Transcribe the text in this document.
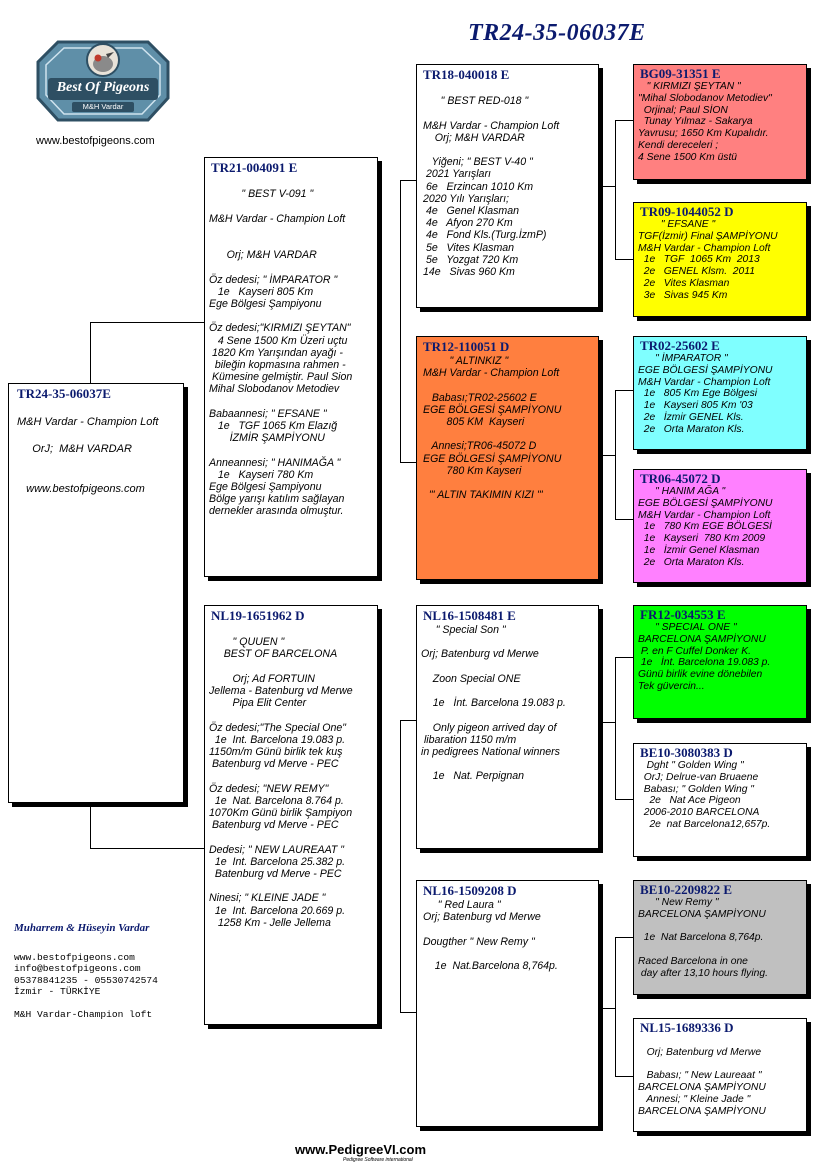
TR24-35-06037E
Best Of Pigeons
M&H Vardar
www.bestofpigeons.com
TR24-35-06037E

M&H Vardar - Champion Loft

OrJ;  M&H VARDAR

www.bestofpigeons.com
TR21-004091 E

" BEST V-091 "

M&H Vardar - Champion Loft

Orj; M&H VARDAR

Öz dedesi; " İMPARATOR "
1e   Kayseri 805 Km
Ege Bölgesi Şampiyonu

Öz dedesi;"KIRMIZI ŞEYTAN"
4 Sene 1500 Km Üzeri uçtu
1820 Km Yarışından ayağı -
bileğin kopmasına rahmen -
Kümesine gelmiştir. Paul Sion
Mihal Slobodanov Metodiev

Babaannesi; " EFSANE "
1e   TGF 1065 Km Elazığ
İZMİR ŞAMPİYONU

Anneannesi; " HANIMAĞA "
1e   Kayseri 780 Km
Ege Bölgesi Şampiyonu
Bölge yarışı katılım sağlayan
dernekler arasında olmuştur.
NL19-1651962 D

" QUUEN "
BEST OF BARCELONA

Orj; Ad FORTUIN
Jellema - Batenburg vd Merwe
Pipa Elit Center

Öz dedesi;"The Special One"
1e  Int. Barcelona 19.083 p.
1150m/m Günü birlik tek kuş
Batenburg vd Merve - PEC

Öz dedesi; "NEW REMY"
1e  Nat. Barcelona 8.764 p.
1070Km Günü birlik Şampiyon
Batenburg vd Merve - PEC

Dedesi; " NEW LAUREAAT "
1e  Int. Barcelona 25.382 p.
Batenburg vd Merve - PEC

Ninesi; " KLEINE JADE "
1e  Int. Barcelona 20.669 p.
1258 Km - Jelle Jellema
TR18-040018 E

" BEST RED-018 "

M&H Vardar - Champion Loft
Orj; M&H VARDAR

Yiğeni; " BEST V-40 "
2021 Yarışları
6e   Erzincan 1010 Km
2020 Yılı Yarışları;
4e   Genel Klasman
4e   Afyon 270 Km
4e   Fond Kls.(Turg.İzmP)
5e   Vites Klasman
5e   Yozgat 720 Km
14e   Sivas 960 Km
TR12-110051 D
" ALTINKIZ "
M&H Vardar - Champion Loft

Babası;TR02-25602 E
EGE BÖLGESİ ŞAMPİYONU
805 KM  Kayseri

Annesi;TR06-45072 D
EGE BÖLGESİ ŞAMPİYONU
780 Km Kayseri

"' ALTIN TAKIMIN KIZI '"
NL16-1508481 E
" Special Son "

Orj; Batenburg vd Merwe

Zoon Special ONE

1e   İnt. Barcelona 19.083 p.

Only pigeon arrived day of
libaration 1150 m/m
in pedigrees National winners

1e   Nat. Perpignan
NL16-1509208 D
" Red Laura "
Orj; Batenburg vd Merwe

Dougther " New Remy "

1e  Nat.Barcelona 8,764p.
BG09-31351 E
" KIRMIZI ŞEYTAN "
"Mihal Slobodanov Metodiev"
Orjinal; Paul SİON
Tunay Yılmaz - Sakarya
Yavrusu; 1650 Km Kupalıdır.
Kendi dereceleri ;
4 Sene 1500 Km üstü
TR09-1044052 D
" EFSANE "
TGF(İzmir) Final ŞAMPİYONU
M&H Vardar - Champion Loft
1e   TGF  1065 Km  2013
2e   GENEL Klsm.  2011
2e   Vites Klasman
3e   Sivas 945 Km
TR02-25602 E
" İMPARATOR "
EGE BÖLGESİ ŞAMPİYONU
M&H Vardar - Champion Loft
1e   805 Km Ege Bölgesi
1e   Kayseri 805 Km '03
2e   İzmir GENEL Kls.
2e   Orta Maraton Kls.
TR06-45072 D
" HANIM AĞA "
EGE BÖLGESİ ŞAMPİYONU
M&H Vardar - Champion Loft
1e   780 Km EGE BÖLGESİ
1e   Kayseri  780 Km 2009
1e   İzmir Genel Klasman
2e   Orta Maraton Kls.
FR12-034553 E
" SPECIAL ONE "
BARCELONA ŞAMPİYONU
P. en F Cuffel Donker K.
1e   İnt. Barcelona 19.083 p.
Günü birlik evine dönebilen
Tek güvercin...
BE10-3080383 D
Dght " Golden Wing "
OrJ; Delrue-van Bruaene
Babası; " Golden Wing "
2e   Nat Ace Pigeon
2006-2010 BARCELONA
2e  nat Barcelona12,657p.
BE10-2209822 E
" New Remy "
BARCELONA ŞAMPİYONU

1e  Nat Barcelona 8,764p.

Raced Barcelona in one
day after 13,10 hours flying.
NL15-1689336 D

Orj; Batenburg vd Merwe

Babası; " New Laureaat "
BARCELONA ŞAMPİYONU
Annesi; " Kleine Jade "
BARCELONA ŞAMPİYONU
Muharrem & Hüseyin Vardar
www.bestofpigeons.com
info@bestofpigeons.com
05378841235 - 05530742574
İzmir - TÜRKİYE

M&H Vardar-Champion loft
www.PedigreeVI.com
Pedigree Software international
